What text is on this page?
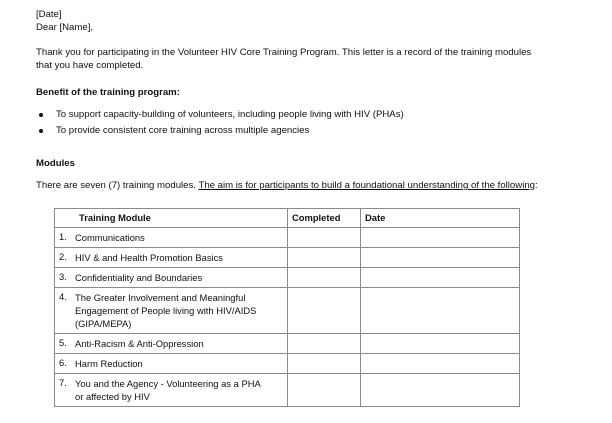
[Date]
Dear [Name],
Thank you for participating in the Volunteer HIV Core Training Program. This letter is a record of the training modules
that you have completed.
Benefit of the training program:
To support capacity-building of volunteers, including people living with HIV (PHAs)
To provide consistent core training across multiple agencies
Modules
There are seven (7) training modules. The aim is for participants to build a foundational understanding of the following:
Training Module	Completed	Date
1. Communications		

2. HIV & and Health Promotion Basics		

3. Confidentiality and Boundaries		

4. The Greater Involvement and Meaningful
Engagement of People living with HIV/AIDS
(GIPA/MEPA)		

5. Anti-Racism & Anti-Oppression		

6. Harm Reduction		

7. You and the Agency - Volunteering as a PHA
or affected by HIV		
